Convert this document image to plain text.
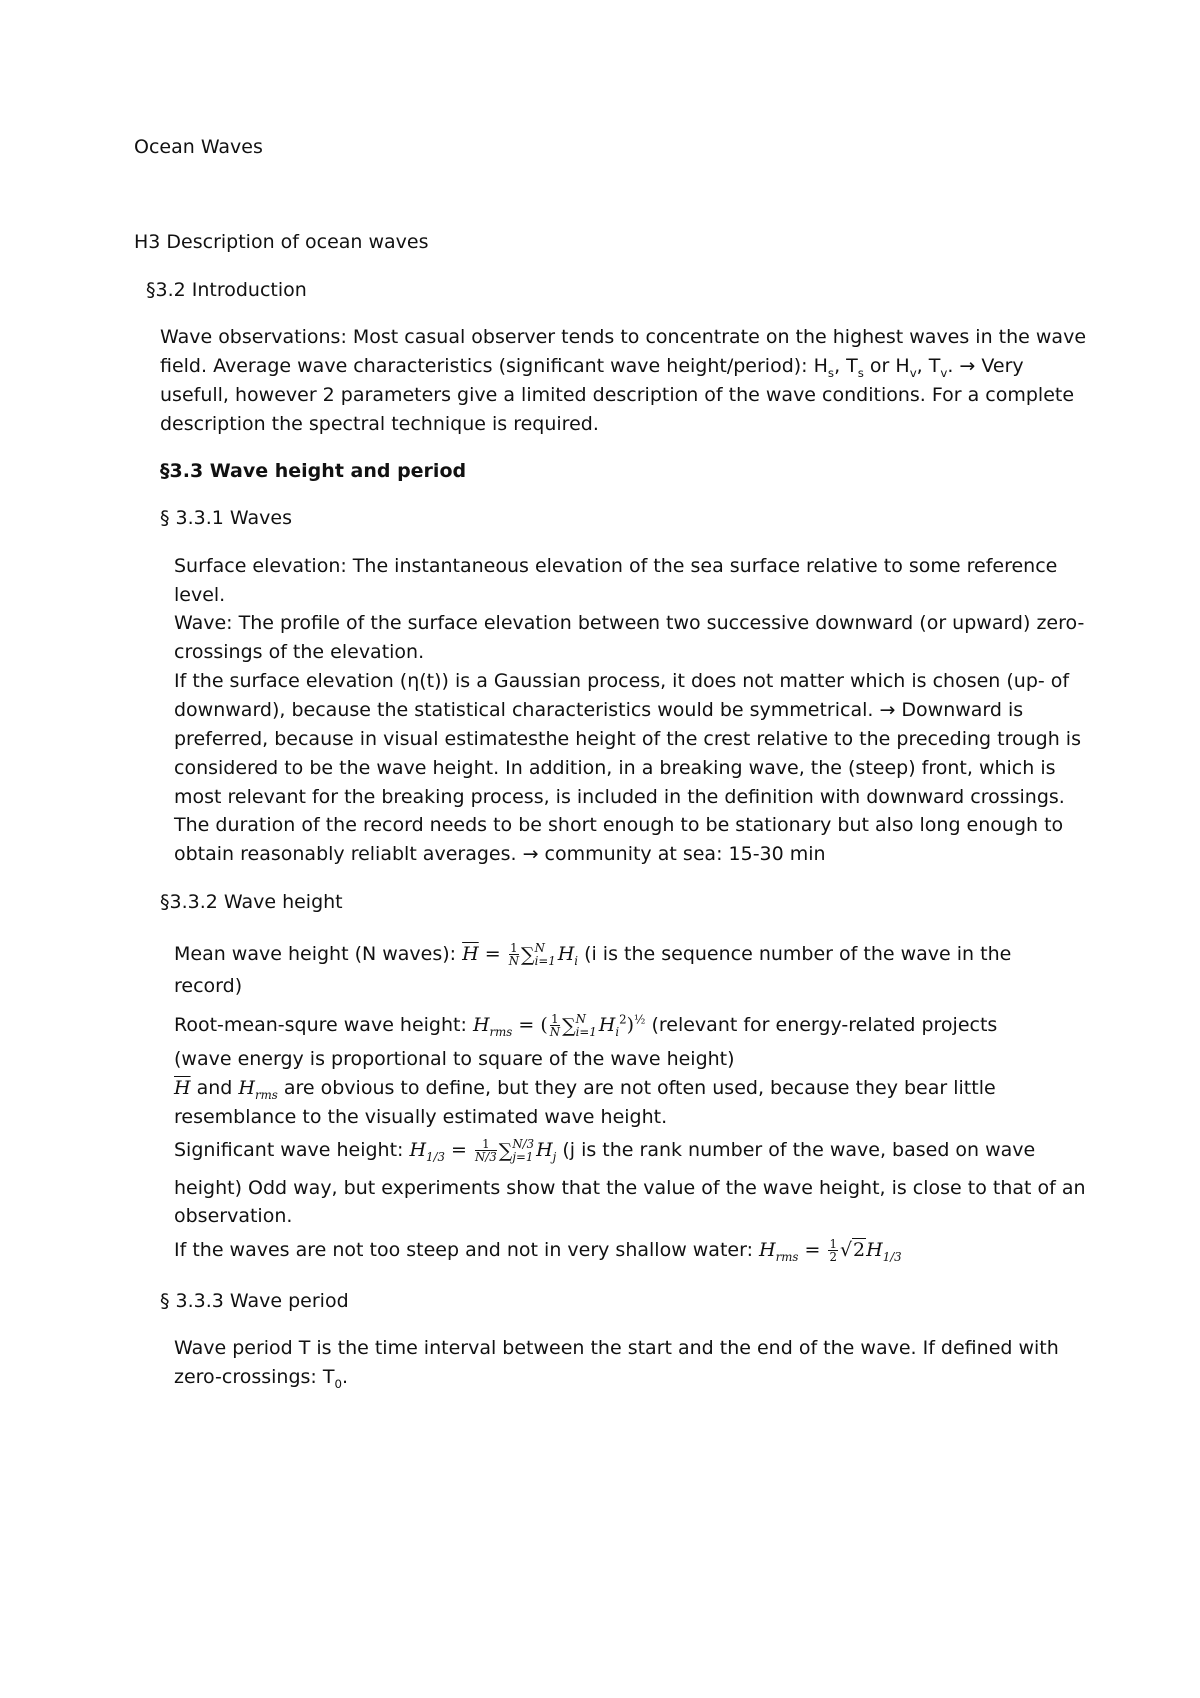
Ocean Waves
H3 Description of ocean waves
§3.2 Introduction
Wave observations: Most casual observer tends to concentrate on the highest waves in the wave
field. Average wave characteristics (significant wave height/period): $H_s$, $T_s$ or $H_v$, $T_v$. → Very
usefull, however 2 parameters give a limited description of the wave conditions. For a complete
description the spectral technique is required.
§3.3 Wave height and period
§ 3.3.1 Waves
Surface elevation: The instantaneous elevation of the sea surface relative to some reference
level.
Wave: The profile of the surface elevation between two successive downward (or upward) zero-
crossings of the elevation.
If the surface elevation (η(t)) is a Gaussian process, it does not matter which is chosen (up- of
downward), because the statistical characteristics would be symmetrical. → Downward is
preferred, because in visual estimatesthe height of the crest relative to the preceding trough is
considered to be the wave height. In addition, in a breaking wave, the (steep) front, which is
most relevant for the breaking process, is included in the definition with downward crossings.
The duration of the record needs to be short enough to be stationary but also long enough to
obtain reasonably reliablt averages. → community at sea: 15-30 min
§3.3.2 Wave height
Mean wave height (N waves): $\overline{H} = \frac{1}{N}$ ∑ N
i=1 $H_i$ (i is the sequence number of the wave in the
record)
Root-mean-squre wave height: $H_{rms}$ = ( $\frac{1}{N}$ ∑ N
i=1 $H_i^2)^{\frac{1}{2}}$ (relevant for energy-related projects
(wave energy is proportional to square of the wave height)
$\overline{H}$ and $H_{rms}$ are obvious to define, but they are not often used, because they bear little
resemblance to the visually estimated wave height.
Significant wave height: $H_{1/3} = \frac{1}{N/3}$ ∑ N/3
j=1 $H_j$ (j is the rank number of the wave, based on wave
height) Odd way, but experiments show that the value of the wave height, is close to that of an
observation.
If the waves are not too steep and not in very shallow water: $H_{rms} = \frac{1}{2} √2H_{1/3}$
§ 3.3.3 Wave period
Wave period T is the time interval between the start and the end of the wave. If defined with
zero-crossings: $T_0$.
